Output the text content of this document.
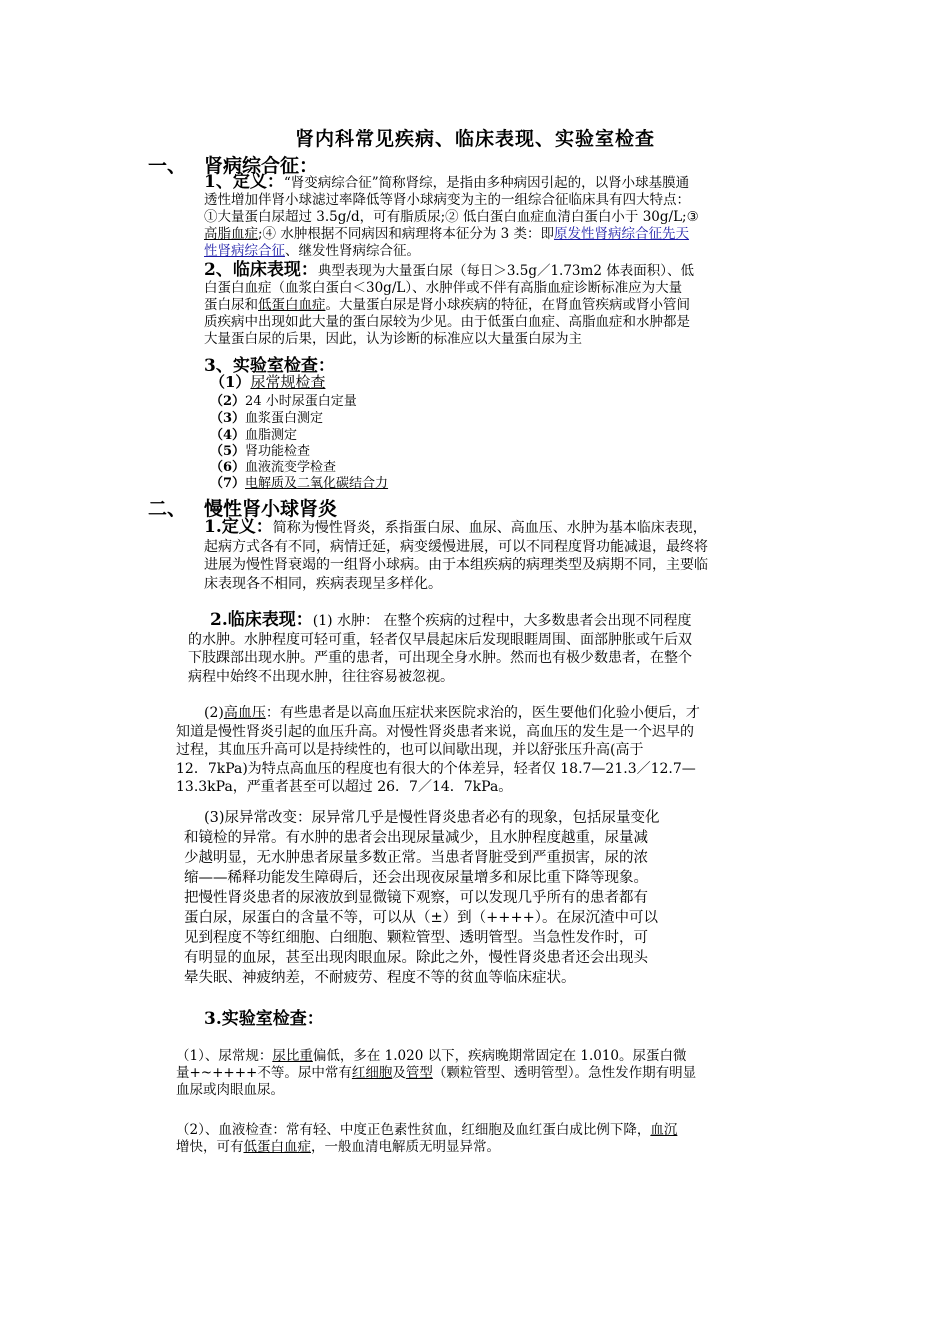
肾内科常见疾病、临床表现、实验室检查
一、 肾病综合征：
1、定义：“肾变病综合征”简称肾综，是指由多种病因引起的，以肾小球基膜通
透性增加伴肾小球滤过率降低等肾小球病变为主的一组综合征临床具有四大特点：
①大量蛋白尿超过 3.5g/d，可有脂质尿;② 低白蛋白血症血清白蛋白小于 30g/L;③
高脂血症;④ 水肿根据不同病因和病理将本征分为 3 类：即原发性肾病综合征先天
性肾病综合征、继发性肾病综合征。
2、临床表现：典型表现为大量蛋白尿（每日＞3.5g／1.73m2 体表面积）、低
白蛋白血症（血浆白蛋白＜30g/L）、水肿伴或不伴有高脂血症诊断标准应为大量
蛋白尿和低蛋白血症。大量蛋白尿是肾小球疾病的特征，在肾血管疾病或肾小管间
质疾病中出现如此大量的蛋白尿较为少见。由于低蛋白血症、高脂血症和水肿都是
大量蛋白尿的后果，因此，认为诊断的标准应以大量蛋白尿为主
3、实验室检查：
（1）尿常规检查
（2）24 小时尿蛋白定量
（3）血浆蛋白测定
（4）血脂测定
（5）肾功能检查
（6）血液流变学检查
（7）电解质及二氧化碳结合力
二、 慢性肾小球肾炎
1.定义：简称为慢性肾炎，系指蛋白尿、血尿、高血压、水肿为基本临床表现，
起病方式各有不同，病情迁延，病变缓慢进展，可以不同程度肾功能减退，最终将
进展为慢性肾衰竭的一组肾小球病。由于本组疾病的病理类型及病期不同，主要临
床表现各不相同，疾病表现呈多样化。
2.临床表现：(1) 水肿： 在整个疾病的过程中，大多数患者会出现不同程度
的水肿。水肿程度可轻可重，轻者仅早晨起床后发现眼睚周围、面部肿胀或午后双
下肢踝部出现水肿。严重的患者，可出现全身水肿。然而也有极少数患者，在整个
病程中始终不出现水肿，往往容易被忽视。
(2)高血压：有些患者是以高血压症状来医院求治的，医生要他们化验小便后，才
知道是慢性肾炎引起的血压升高。对慢性肾炎患者来说，高血压的发生是一个迟早的
过程，其血压升高可以是持续性的，也可以间歇出现，并以舒张压升高(高于
12．7kPa)为特点高血压的程度也有很大的个体差异，轻者仅 18.7—21.3／12.7—
13.3kPa，严重者甚至可以超过 26．7／14．7kPa。
(3)尿异常改变：尿异常几乎是慢性肾炎患者必有的现象，包括尿量变化
和镜检的异常。有水肿的患者会出现尿量减少，且水肿程度越重，尿量减
少越明显，无水肿患者尿量多数正常。当患者肾脏受到严重损害，尿的浓
缩——稀释功能发生障碍后，还会出现夜尿量增多和尿比重下降等现象。
把慢性肾炎患者的尿液放到显微镜下观察，可以发现几乎所有的患者都有
蛋白尿，尿蛋白的含量不等，可以从（±）到（++++）。在尿沉渣中可以
见到程度不等红细胞、白细胞、颗粒管型、透明管型。当急性发作时，可
有明显的血尿，甚至出现肉眼血尿。除此之外，慢性肾炎患者还会出现头
晕失眠、神疲纳差，不耐疲劳、程度不等的贫血等临床症状。
3.实验室检查：
（1）、尿常规：尿比重偏低，多在 1.020 以下，疾病晚期常固定在 1.010。尿蛋白微
量+~++++不等。尿中常有红细胞及管型（颗粒管型、透明管型）。急性发作期有明显
血尿或肉眼血尿。
（2）、血液检查：常有轻、中度正色素性贫血，红细胞及血红蛋白成比例下降，血沉
增快，可有低蛋白血症，一般血清电解质无明显异常。
